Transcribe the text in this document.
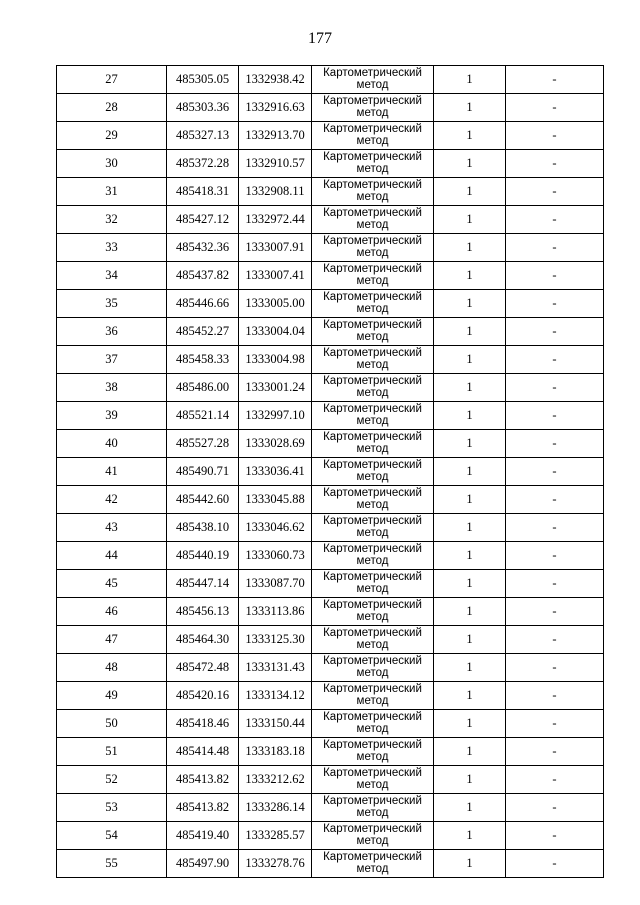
177
27	485305.05	1332938.42	Картометрический метод	1	-
28	485303.36	1332916.63	Картометрический метод	1	-
29	485327.13	1332913.70	Картометрический метод	1	-
30	485372.28	1332910.57	Картометрический метод	1	-
31	485418.31	1332908.11	Картометрический метод	1	-
32	485427.12	1332972.44	Картометрический метод	1	-
33	485432.36	1333007.91	Картометрический метод	1	-
34	485437.82	1333007.41	Картометрический метод	1	-
35	485446.66	1333005.00	Картометрический метод	1	-
36	485452.27	1333004.04	Картометрический метод	1	-
37	485458.33	1333004.98	Картометрический метод	1	-
38	485486.00	1333001.24	Картометрический метод	1	-
39	485521.14	1332997.10	Картометрический метод	1	-
40	485527.28	1333028.69	Картометрический метод	1	-
41	485490.71	1333036.41	Картометрический метод	1	-
42	485442.60	1333045.88	Картометрический метод	1	-
43	485438.10	1333046.62	Картометрический метод	1	-
44	485440.19	1333060.73	Картометрический метод	1	-
45	485447.14	1333087.70	Картометрический метод	1	-
46	485456.13	1333113.86	Картометрический метод	1	-
47	485464.30	1333125.30	Картометрический метод	1	-
48	485472.48	1333131.43	Картометрический метод	1	-
49	485420.16	1333134.12	Картометрический метод	1	-
50	485418.46	1333150.44	Картометрический метод	1	-
51	485414.48	1333183.18	Картометрический метод	1	-
52	485413.82	1333212.62	Картометрический метод	1	-
53	485413.82	1333286.14	Картометрический метод	1	-
54	485419.40	1333285.57	Картометрический метод	1	-
55	485497.90	1333278.76	Картометрический метод	1	-
